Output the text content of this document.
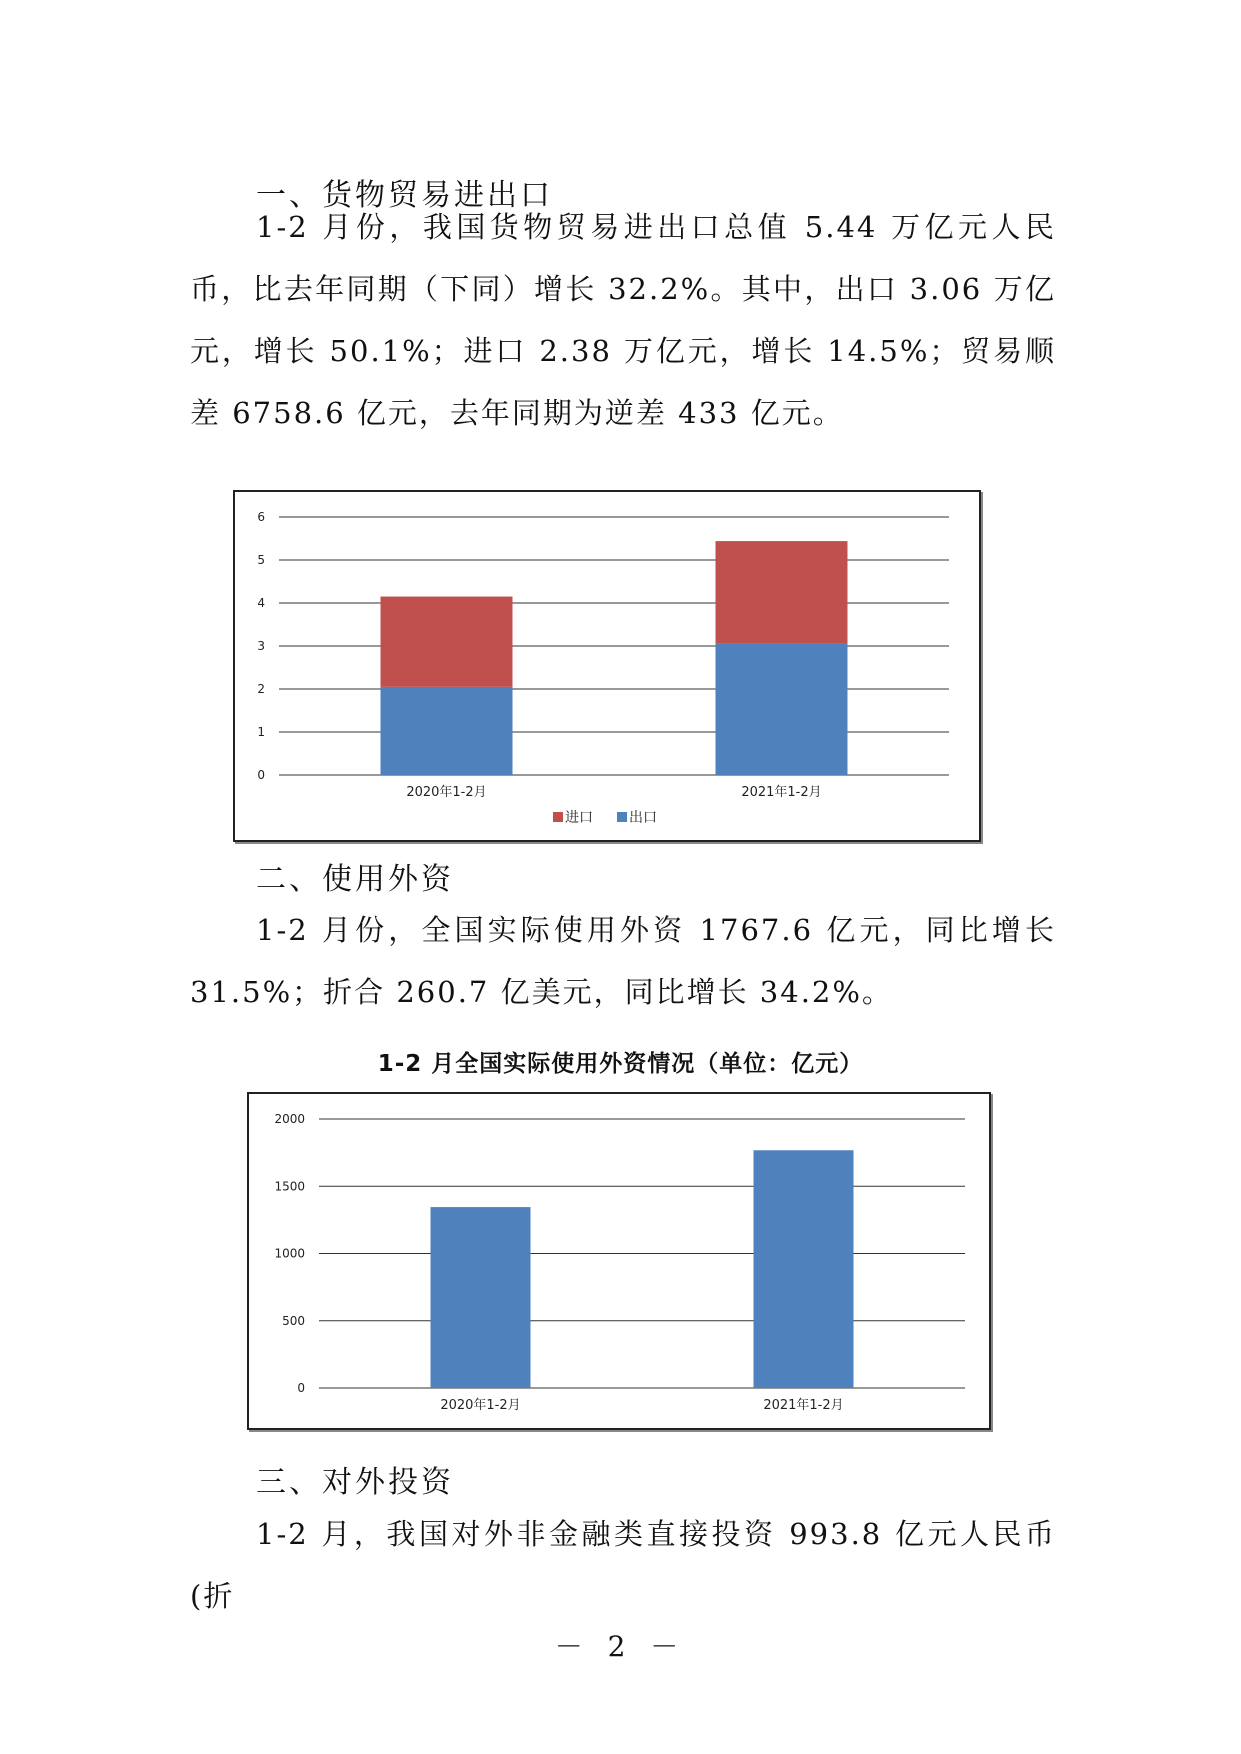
一、货物贸易进出口

1-2 月份，我国货物贸易进出口总值 5.44 万亿元人民币，比去年同期（下同）增长 32.2%。其中，出口 3.06 万亿元，增长 50.1%；进口 2.38 万亿元，增长 14.5%；贸易顺差 6758.6 亿元，去年同期为逆差 433 亿元。

0
1
2
3
4
5
6
2020年1-2月	2021年1-2月
进口	出口
二、使用外资

1-2 月份，全国实际使用外资 1767.6 亿元，同比增长 31.5%；折合 260.7 亿美元，同比增长 34.2%。

1-2 月全国实际使用外资情况（单位：亿元）
0
500
1000
1500
2000
2020年1-2月	2021年1-2月
三、对外投资

1-2 月，我国对外非金融类直接投资 993.8 亿元人民币(折

－ 2 －
